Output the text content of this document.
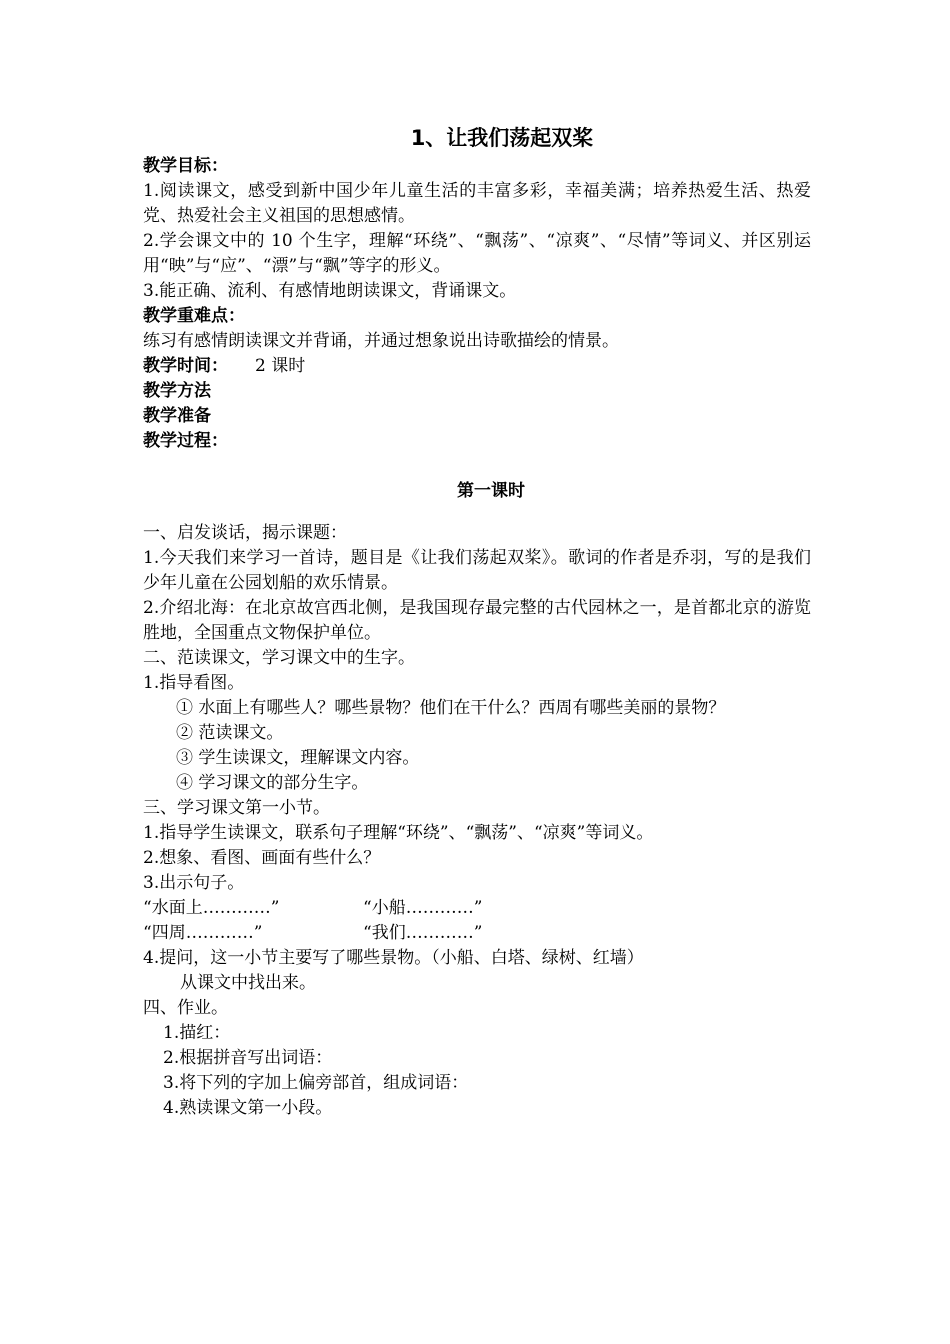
1、让我们荡起双桨

教学目标：

1.阅读课文，感受到新中国少年儿童生活的丰富多彩，幸福美满；培养热爱生活、热爱党、热爱社会主义祖国的思想感情。

2.学会课文中的 10 个生字，理解“环绕”、“飘荡”、“凉爽”、“尽情”等词义、并区别运用“映”与“应”、“漂”与“飘”等字的形义。

3.能正确、流利、有感情地朗读课文，背诵课文。

教学重难点：

练习有感情朗读课文并背诵，并通过想象说出诗歌描绘的情景。

教学时间： 2 课时

教学方法

教学准备

教学过程：

第一课时

一、启发谈话，揭示课题：

1.今天我们来学习一首诗，题目是《让我们荡起双桨》。歌词的作者是乔羽，写的是我们少年儿童在公园划船的欢乐情景。

2.介绍北海：在北京故宫西北侧，是我国现存最完整的古代园林之一，是首都北京的游览胜地，全国重点文物保护单位。

二、范读课文，学习课文中的生字。

1.指导看图。

① 水面上有哪些人？哪些景物？他们在干什么？西周有哪些美丽的景物？

② 范读课文。

③ 学生读课文，理解课文内容。

④ 学习课文的部分生字。

三、学习课文第一小节。

1.指导学生读课文，联系句子理解“环绕”、“飘荡”、“凉爽”等词义。

2.想象、看图、画面有些什么？

3.出示句子。

“水面上…………”	“小船…………”
“四周…………”	“我们…………”

4.提问，这一小节主要写了哪些景物。（小船、白塔、绿树、红墙）

从课文中找出来。

四、作业。

1.描红：

2.根据拼音写出词语：

3.将下列的字加上偏旁部首，组成词语：

4.熟读课文第一小段。
